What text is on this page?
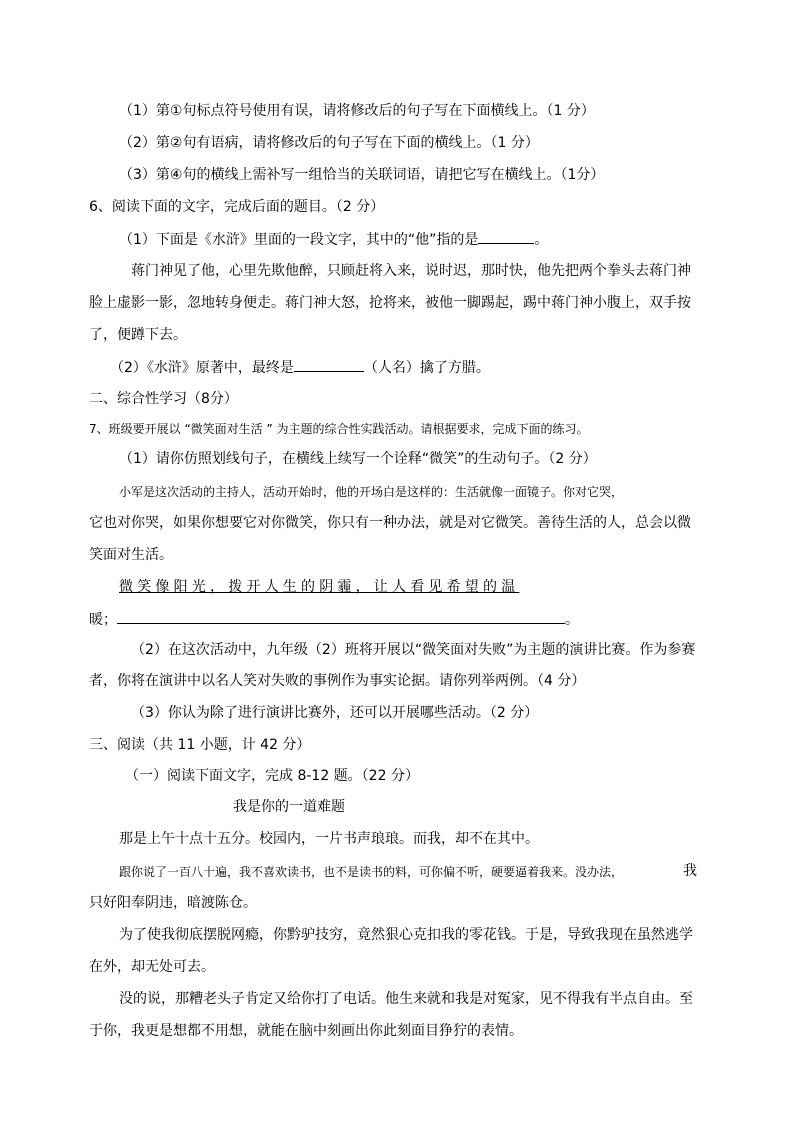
（1）第①句标点符号使用有误，请将修改后的句子写在下面横线上。（1 分）
（2）第②句有语病，请将修改后的句子写在下面的横线上。（1 分）
（3）第④句的横线上需补写一组恰当的关联词语，请把它写在横线上。（1分）
6、阅读下面的文字，完成后面的题目。（2 分）
（1）下面是《水浒》里面的一段文字，其中的“他”指的是	。
蒋门神见了他，心里先欺他醉，只顾赶将入来，说时迟，那时快，他先把两个拳头去蒋门神
脸上虚影一影，忽地转身便走。蒋门神大怒，抢将来，被他一脚踢起，踢中蒋门神小腹上，双手按
了，便蹲下去。
（2）《水浒》原著中，最终是	（人名）擒了方腊。
二、综合性学习（8分）
7、班级要开展以 “微笑面对生活 ” 为主题的综合性实践活动。请根据要求，完成下面的练习。
（1）请你仿照划线句子，在横线上续写一个诠释“微笑”的生动句子。（2 分）
小军是这次活动的主持人，活动开始时，他的开场白是这样的：生活就像一面镜子。你对它哭，
它也对你哭，如果你想要它对你微笑，你只有一种办法，就是对它微笑。善待生活的人，总会以微
笑面对生活。
微笑像阳光，拨开人生的阴霾，让人看见希望的温
暖；	。
（2）在这次活动中，九年级（2）班将开展以“微笑面对失败”为主题的演讲比赛。作为参赛
者，你将在演讲中以名人笑对失败的事例作为事实论据。请你列举两例。（4 分）
（3）你认为除了进行演讲比赛外，还可以开展哪些活动。（2 分）
三、阅读（共 11 小题，计 42 分）
（一）阅读下面文字，完成 8-12 题。（22 分）
我是你的一道难题
那是上午十点十五分。校园内，一片书声琅琅。而我，却不在其中。
跟你说了一百八十遍，我不喜欢读书，也不是读书的料，可你偏不听，硬要逼着我来。没办法，	我
只好阳奉阴违，暗渡陈仓。
为了使我彻底摆脱网瘾，你黔驴技穷，竟然狠心克扣我的零花钱。于是，导致我现在虽然逃学
在外，却无处可去。
没的说，那糟老头子肯定又给你打了电话。他生来就和我是对冤家，见不得我有半点自由。至
于你，我更是想都不用想，就能在脑中刻画出你此刻面目狰狞的表情。
